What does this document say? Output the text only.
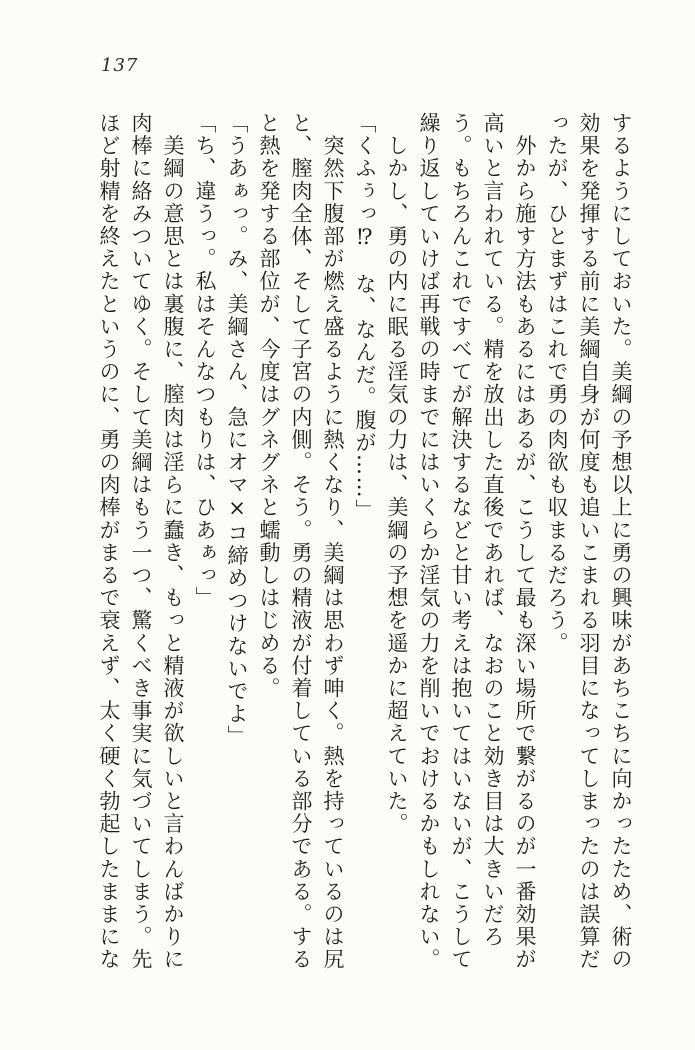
137

するようにしておいた。美綱の予想以上に勇の興味があちこちに向かったため、術の効果を発揮する前に美綱自身が何度も追いこまれる羽目になってしまったのは誤算だったが、ひとまずはこれで勇の肉欲も収まるだろう。

　外から施す方法もあるにはあるが、こうして最も深い場所で繋がるのが一番効果が高いと言われている。精を放出した直後であれば、なおのこと効き目は大きいだろう。もちろんこれですべてが解決するなどと甘い考えは抱いてはいないが、こうして繰り返していけば再戦の時までにはいくらか淫気の力を削いでおけるかもしれない。

　しかし、勇の内に眠る淫気の力は、美綱の予想を遥かに超えていた。

「くふぅっ⁉　な、なんだ。腹が……」

　突然下腹部が燃え盛るように熱くなり、美綱は思わず呻く。熱を持っているのは尻と、膣肉全体、そして子宮の内側。そう。勇の精液が付着している部分である。すると熱を発する部位が、今度はグネグネと蠕動しはじめる。

「うあぁっ。み、美綱さん、急にオマ×コ締めつけないでよ」

「ち、違うっ。私はそんなつもりは、ひあぁっ」

　美綱の意思とは裏腹に、膣肉は淫らに蠢き、もっと精液が欲しいと言わんばかりに肉棒に絡みついてゆく。そして美綱はもう一つ、驚くべき事実に気づいてしまう。先ほど射精を終えたというのに、勇の肉棒がまるで衰えず、太く硬く勃起したままにな
